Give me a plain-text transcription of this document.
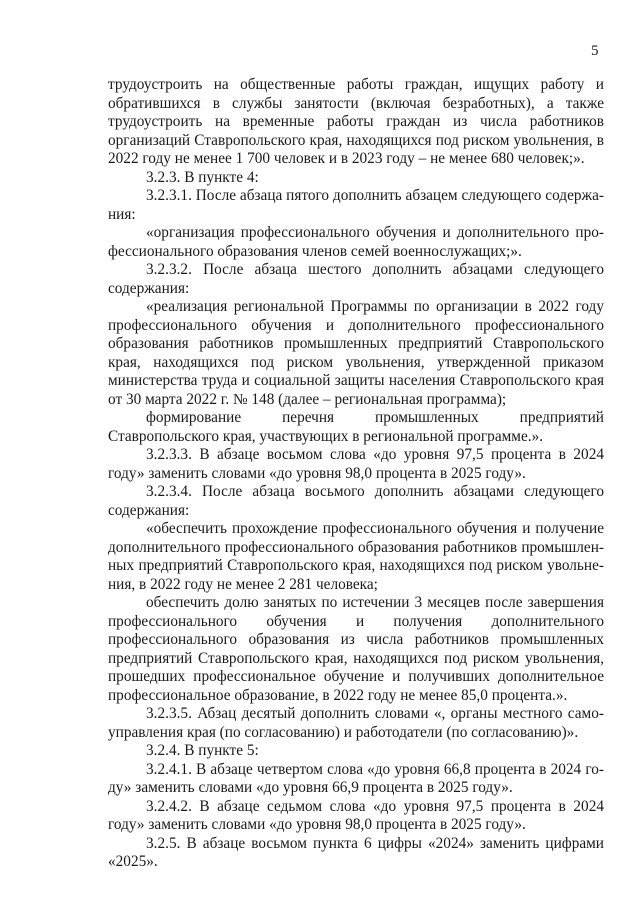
5

трудоустроить на общественные работы граждан, ищущих работу и обратившихся в службы занятости (включая безработных), а также трудоустроить на временные работы граждан из числа работников организаций Ставропольского края, находящихся под риском увольнения, в 2022 году не менее 1 700 человек и в 2023 году – не менее 680 человек;».

3.2.3. В пункте 4:

3.2.3.1. После абзаца пятого дополнить абзацем следующего содержания:

«организация профессионального обучения и дополнительного профессионального образования членов семей военнослужащих;».

3.2.3.2. После абзаца шестого дополнить абзацами следующего содержания:

«реализация региональной Программы по организации в 2022 году профессионального обучения и дополнительного профессионального образования работников промышленных предприятий Ставропольского края, находящихся под риском увольнения, утвержденной приказом министерства труда и социальной защиты населения Ставропольского края от 30 марта 2022 г. № 148 (далее – региональная программа);

формирование перечня промышленных предприятий Ставропольского края, участвующих в региональной программе.».

3.2.3.3. В абзаце восьмом слова «до уровня 97,5 процента в 2024 году» заменить словами «до уровня 98,0 процента в 2025 году».

3.2.3.4. После абзаца восьмого дополнить абзацами следующего содержания:

«обеспечить прохождение профессионального обучения и получение дополнительного профессионального образования работников промышленных предприятий Ставропольского края, находящихся под риском увольнения, в 2022 году не менее 2 281 человека;

обеспечить долю занятых по истечении 3 месяцев после завершения профессионального обучения и получения дополнительного профессионального образования из числа работников промышленных предприятий Ставропольского края, находящихся под риском увольнения, прошедших профессиональное обучение и получивших дополнительное профессиональное образование, в 2022 году не менее 85,0 процента.».

3.2.3.5. Абзац десятый дополнить словами «, органы местного самоуправления края (по согласованию) и работодатели (по согласованию)».

3.2.4. В пункте 5:

3.2.4.1. В абзаце четвертом слова «до уровня 66,8 процента в 2024 году» заменить словами «до уровня 66,9 процента в 2025 году».

3.2.4.2. В абзаце седьмом слова «до уровня 97,5 процента в 2024 году» заменить словами «до уровня 98,0 процента в 2025 году».

3.2.5. В абзаце восьмом пункта 6 цифры «2024» заменить цифрами «2025».
